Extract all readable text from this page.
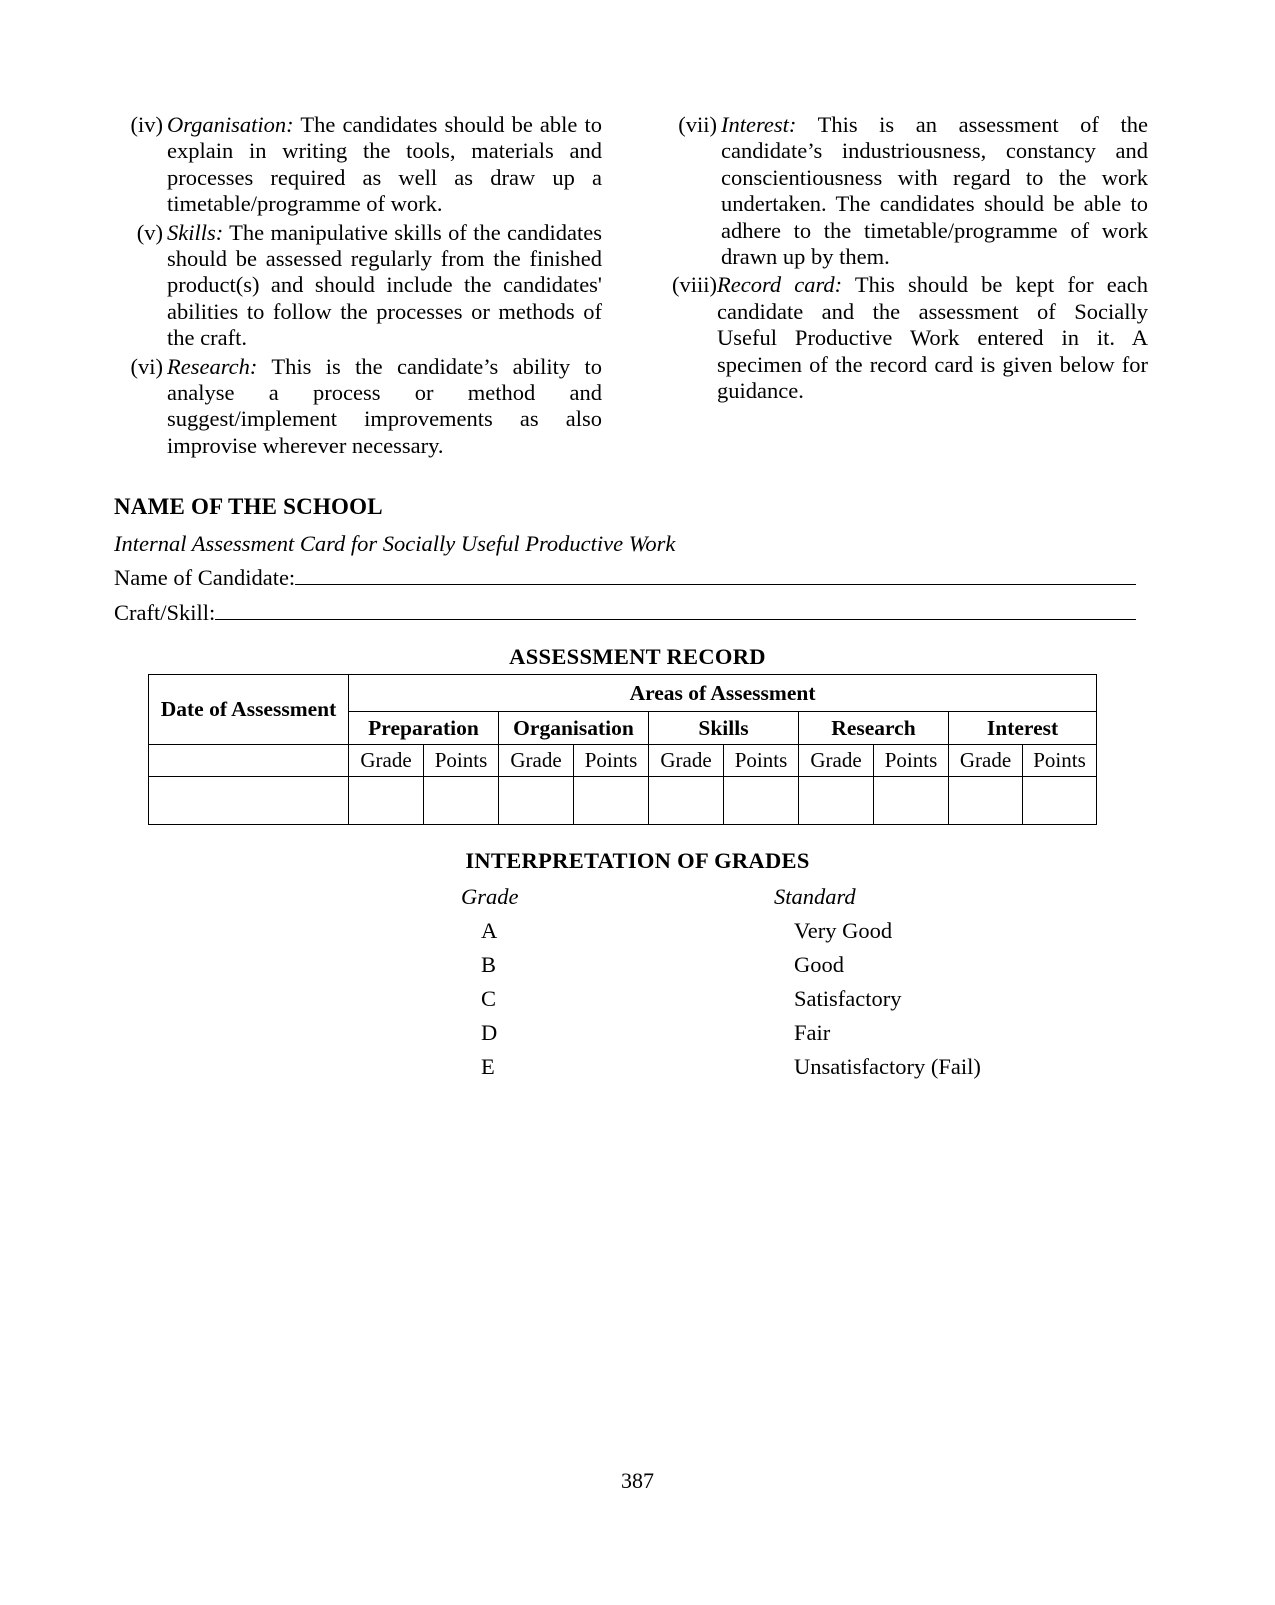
(iv) Organisation: The candidates should be able to explain in writing the tools, materials and processes required as well as draw up a timetable/programme of work.
(v) Skills: The manipulative skills of the candidates should be assessed regularly from the finished product(s) and should include the candidates' abilities to follow the processes or methods of the craft.
(vi) Research: This is the candidate’s ability to analyse a process or method and suggest/implement improvements as also improvise wherever necessary.
(vii) Interest: This is an assessment of the candidate’s industriousness, constancy and conscientiousness with regard to the work undertaken. The candidates should be able to adhere to the timetable/programme of work drawn up by them.
(viii) Record card: This should be kept for each candidate and the assessment of Socially Useful Productive Work entered in it. A specimen of the record card is given below for guidance.
NAME OF THE SCHOOL
Internal Assessment Card for Socially Useful Productive Work
Name of Candidate:
Craft/Skill:
ASSESSMENT RECORD
Date of Assessment	Areas of Assessment									
	Preparation		Organisation		Skills		Research		Interest	
	Grade	Points	Grade	Points	Grade	Points	Grade	Points	Grade	Points

INTERPRETATION OF GRADES
Grade	Standard
A	Very Good
B	Good
C	Satisfactory
D	Fair
E	Unsatisfactory (Fail)
387
